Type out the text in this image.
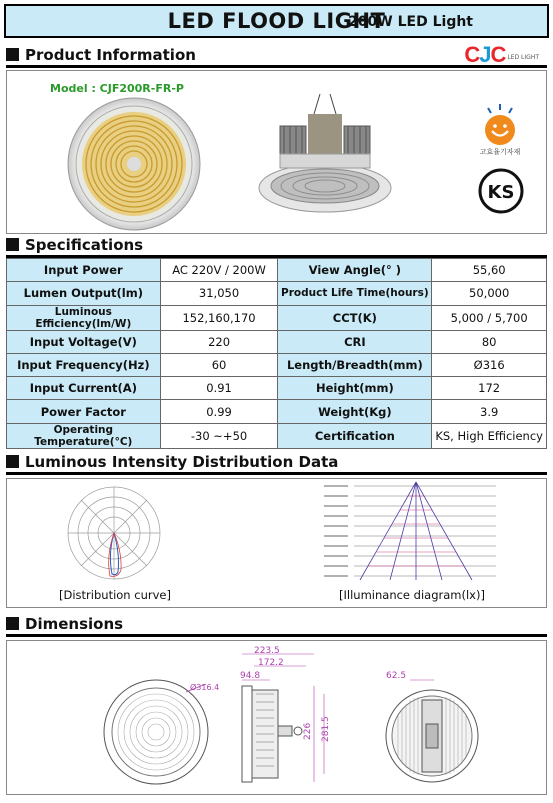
LED FLOOD LIGHT
200W LED Light
Product Information	CJC LED LIGHT
Model : CJF200R-FR-P
고효율기자재
KS
Specifications
Input Power	AC 220V / 200W	View Angle(° )	55,60
Lumen Output(lm)	31,050	Product Life Time(hours)	50,000
Luminous Efficiency(lm/W)	152,160,170	CCT(K)	5,000 / 5,700
Input Voltage(V)	220	CRI	80
Input Frequency(Hz)	60	Length/Breadth(mm)	Ø316
Input Current(A)	0.91	Height(mm)	172
Power Factor	0.99	Weight(Kg)	3.9
Operating Temperature(°C)	-30 ~+50	Certification	KS, High Efficiency
Luminous Intensity Distribution Data
[Distribution curve]	[Illuminance diagram(lx)]
Dimensions
Ø316.4
223.5
172.2
94.8
226 281.5
62.5
